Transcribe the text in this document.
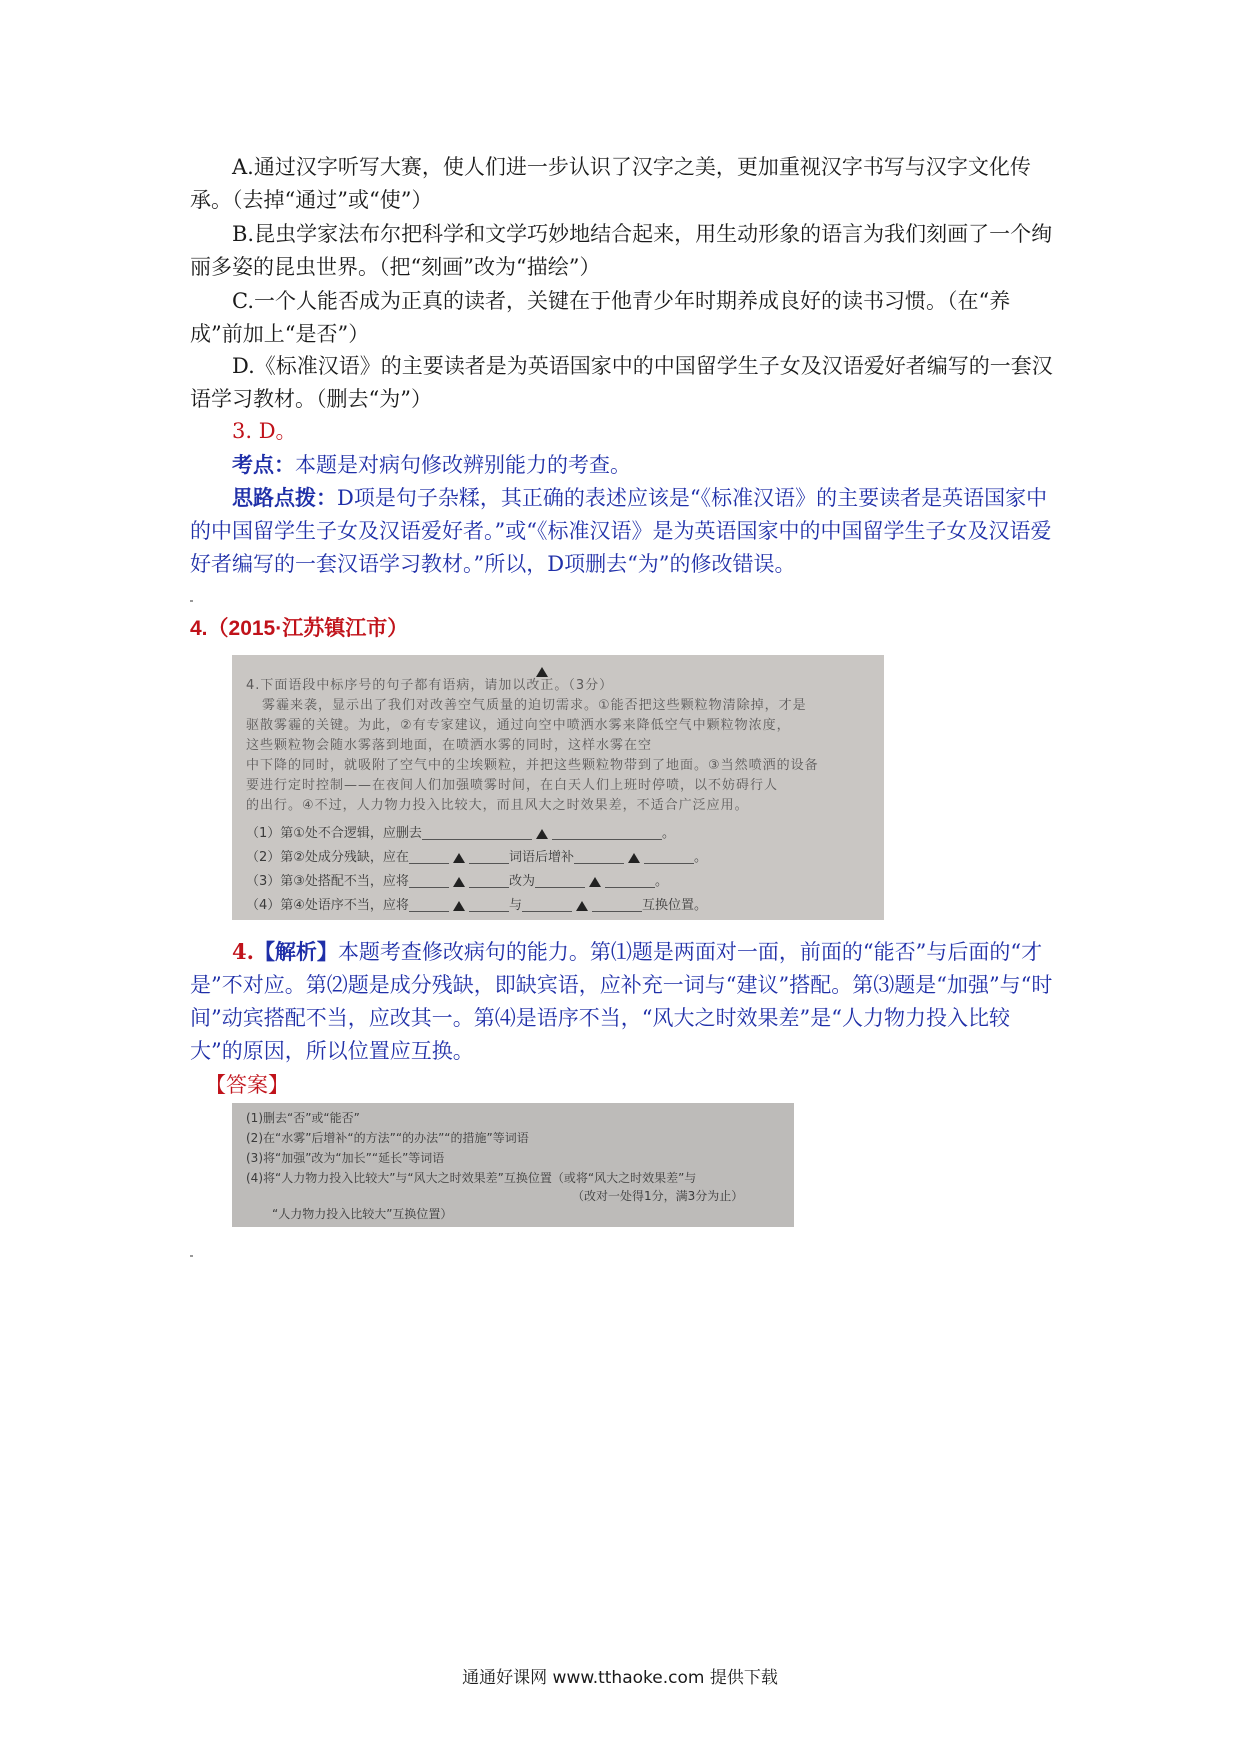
A.通过汉字听写大赛，使人们进一步认识了汉字之美，更加重视汉字书写与汉字文化传承。（去掉“通过”或“使”）
B.昆虫学家法布尔把科学和文学巧妙地结合起来，用生动形象的语言为我们刻画了一个绚丽多姿的昆虫世界。（把“刻画”改为“描绘”）
C.一个人能否成为正真的读者，关键在于他青少年时期养成良好的读书习惯。（在“养成”前加上“是否”）
D.《标准汉语》的主要读者是为英语国家中的中国留学生子女及汉语爱好者编写的一套汉语学习教材。（删去“为”）
3. D。
考点：本题是对病句修改辨别能力的考查。
思路点拨：D项是句子杂糅，其正确的表述应该是“《标准汉语》的主要读者是英语国家中的中国留学生子女及汉语爱好者。”或“《标准汉语》是为英语国家中的中国留学生子女及汉语爱好者编写的一套汉语学习教材。”所以，D项删去“为”的修改错误。
4.（2015·江苏镇江市）
4.下面语段中标序号的句子都有语病，请加以改正。（3分）
雾霾来袭，显示出了我们对改善空气质量的迫切需求。①能否把这些颗粒物清除掉，才是
驱散雾霾的关键。为此，②有专家建议，通过向空中喷洒水雾来降低空气中颗粒物浓度，
这些颗粒物会随水雾落到地面，在喷洒水雾的同时，这样水雾在空
中下降的同时，就吸附了空气中的尘埃颗粒，并把这些颗粒物带到了地面。③当然喷洒的设备
要进行定时控制——在夜间人们加强喷雾时间，在白天人们上班时停喷，以不妨碍行人
的出行。④不过，人力物力投入比较大，而且风大之时效果差，不适合广泛应用。
（1）第①处不合逻辑，应删去	。
（2）第②处成分残缺，应在	词语后增补	。
（3）第③处搭配不当，应将	改为	。
（4）第④处语序不当，应将	与	互换位置。
4.【解析】本题考查修改病句的能力。第⑴题是两面对一面，前面的“能否”与后面的“才是”不对应。第⑵题是成分残缺，即缺宾语，应补充一词与“建议”搭配。第⑶题是“加强”与“时间”动宾搭配不当，应改其一。第⑷是语序不当，“风大之时效果差”是“人力物力投入比较大”的原因，所以位置应互换。
【答案】
(1)删去“否”或“能否”
(2)在“水雾”后增补“的方法”“的办法”“的措施”等词语
(3)将“加强”改为“加长”“延长”等词语
(4)将“人力物力投入比较大”与“风大之时效果差”互换位置（或将“风大之时效果差”与
（改对一处得1分，满3分为止）
“人力物力投入比较大”互换位置）
通通好课网 www.tthaoke.com 提供下载
